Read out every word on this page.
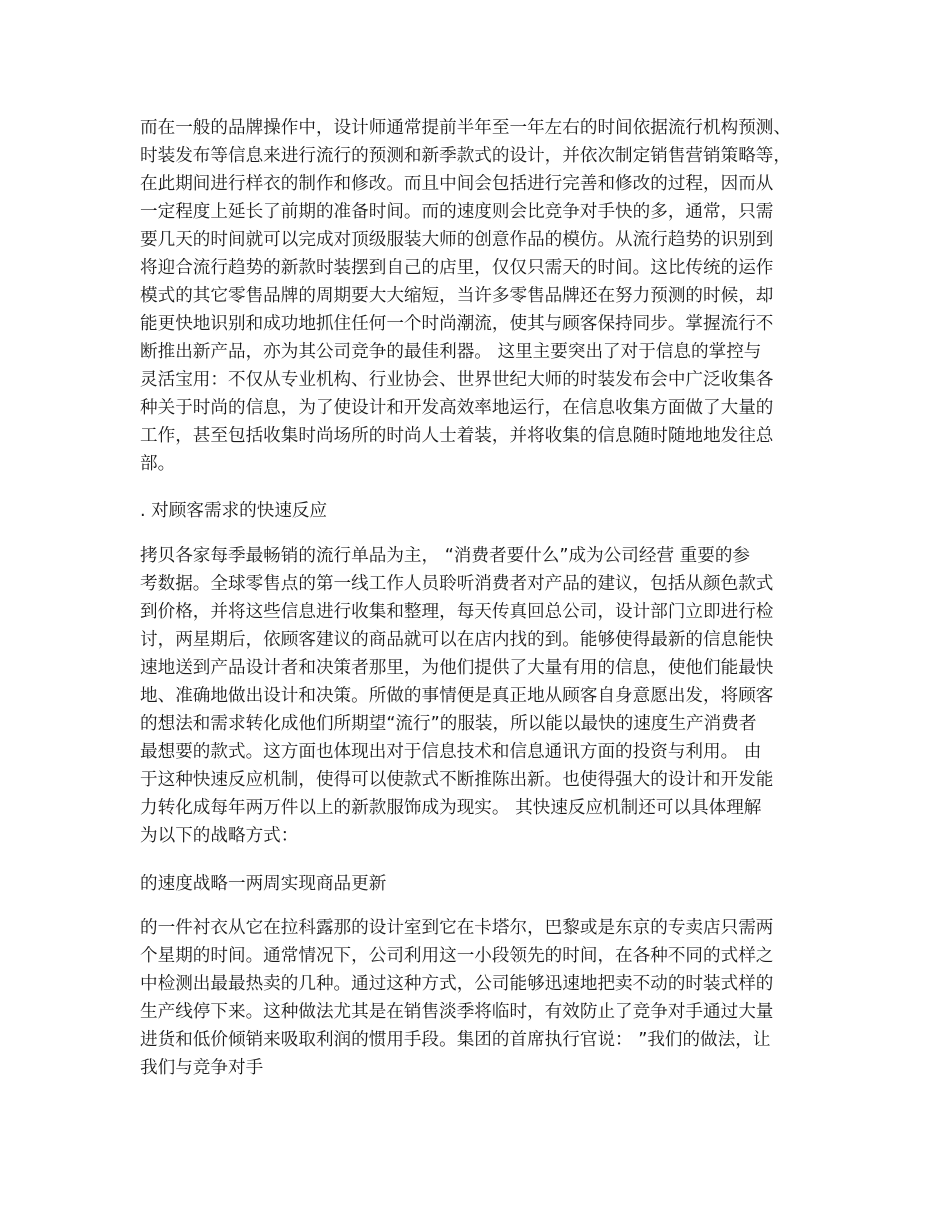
而在一般的品牌操作中，设计师通常提前半年至一年左右的时间依据流行机构预测、
时装发布等信息来进行流行的预测和新季款式的设计，并依次制定销售营销策略等，
在此期间进行样衣的制作和修改。而且中间会包括进行完善和修改的过程，因而从
一定程度上延长了前期的准备时间。而的速度则会比竞争对手快的多，通常，只需
要几天的时间就可以完成对顶级服装大师的创意作品的模仿。从流行趋势的识别到
将迎合流行趋势的新款时装摆到自己的店里，仅仅只需天的时间。这比传统的运作
模式的其它零售品牌的周期要大大缩短，当许多零售品牌还在努力预测的时候，却
能更快地识别和成功地抓住任何一个时尚潮流，使其与顾客保持同步。掌握流行不
断推出新产品，亦为其公司竞争的最佳利器。 这里主要突出了对于信息的掌控与
灵活宝用：不仅从专业机构、行业协会、世界世纪大师的时装发布会中广泛收集各
种关于时尚的信息，为了使设计和开发高效率地运行，在信息收集方面做了大量的
工作，甚至包括收集时尚场所的时尚人士着装，并将收集的信息随时随地地发往总
部。
. 对顾客需求的快速反应
拷贝各家每季最畅销的流行单品为主， “消费者要什么”成为公司经营 重要的参
考数据。全球零售点的第一线工作人员聆听消费者对产品的建议，包括从颜色款式
到价格，并将这些信息进行收集和整理，每天传真回总公司，设计部门立即进行检
讨，两星期后，依顾客建议的商品就可以在店内找的到。能够使得最新的信息能快
速地送到产品设计者和决策者那里，为他们提供了大量有用的信息，使他们能最快
地、准确地做出设计和决策。所做的事情便是真正地从顾客自身意愿出发，将顾客
的想法和需求转化成他们所期望“流行”的服装，所以能以最快的速度生产消费者
最想要的款式。这方面也体现出对于信息技术和信息通讯方面的投资与利用。 由
于这种快速反应机制，使得可以使款式不断推陈出新。也使得强大的设计和开发能
力转化成每年两万件以上的新款服饰成为现实。 其快速反应机制还可以具体理解
为以下的战略方式：
的速度战略一两周实现商品更新
的一件衬衣从它在拉科露那的设计室到它在卡塔尔，巴黎或是东京的专卖店只需两
个星期的时间。通常情况下，公司利用这一小段领先的时间，在各种不同的式样之
中检测出最最热卖的几种。通过这种方式，公司能够迅速地把卖不动的时装式样的
生产线停下来。这种做法尤其是在销售淡季将临时，有效防止了竞争对手通过大量
进货和低价倾销来吸取利润的惯用手段。集团的首席执行官说： ”我们的做法，让
我们与竞争对手
